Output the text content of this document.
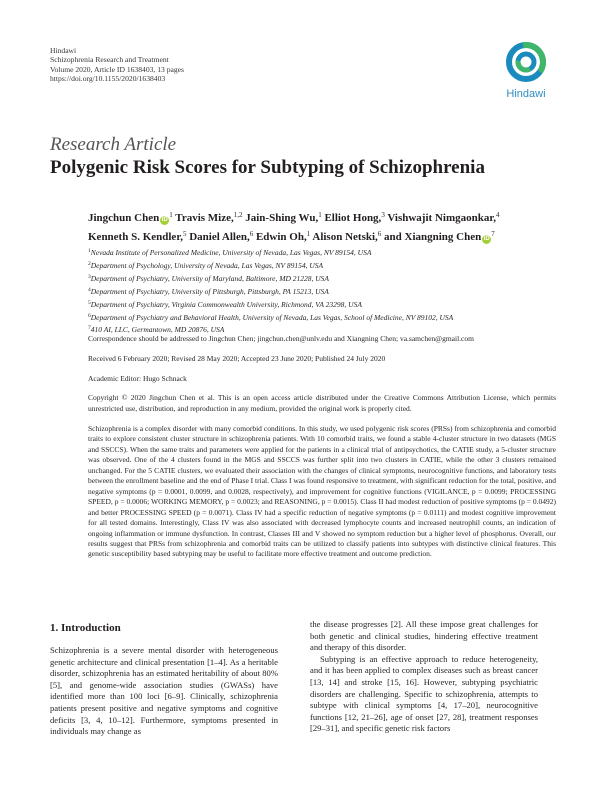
Hindawi
Schizophrenia Research and Treatment
Volume 2020, Article ID 1638403, 13 pages
https://doi.org/10.1155/2020/1638403
Hindawi
Research Article
Polygenic Risk Scores for Subtyping of Schizophrenia
Jingchun Chen $iD^1$ Travis Mize,$^{1,2}$ Jain-Shing Wu,$^1$ Elliot Hong,$^3$ Vishwajit Nimgaonkar,$^4$
Kenneth S. Kendler,$^5$ Daniel Allen,$^6$ Edwin Oh,$^1$ Alison Netski,$^6$ and Xiangning Chen $iD^7$
$^1$Nevada Institute of Personalized Medicine, University of Nevada, Las Vegas, NV 89154, USA
$^2$Department of Psychology, University of Nevada, Las Vegas, NV 89154, USA
$^3$Department of Psychiatry, University of Maryland, Baltimore, MD 21228, USA
$^4$Department of Psychiatry, University of Pittsburgh, Pittsburgh, PA 15213, USA
$^5$Department of Psychiatry, Virginia Commonwealth University, Richmond, VA 23298, USA
$^6$Department of Psychiatry and Behavioral Health, University of Nevada, Las Vegas, School of Medicine, NV 89102, USA
$^7$410 AI, LLC, Germantown, MD 20876, USA
Correspondence should be addressed to Jingchun Chen; jingchun.chen@unlv.edu and Xiangning Chen; va.samchen@gmail.com
Received 6 February 2020; Revised 28 May 2020; Accepted 23 June 2020; Published 24 July 2020
Academic Editor: Hugo Schnack
Copyright © 2020 Jingchun Chen et al. This is an open access article distributed under the Creative Commons Attribution License, which permits unrestricted use, distribution, and reproduction in any medium, provided the original work is properly cited.
Schizophrenia is a complex disorder with many comorbid conditions. In this study, we used polygenic risk scores (PRSs) from schizophrenia and comorbid traits to explore consistent cluster structure in schizophrenia patients. With 10 comorbid traits, we found a stable 4-cluster structure in two datasets (MGS and SSCCS). When the same traits and parameters were applied for the patients in a clinical trial of antipsychotics, the CATIE study, a 5-cluster structure was observed. One of the 4 clusters found in the MGS and SSCCS was further split into two clusters in CATIE, while the other 3 clusters remained unchanged. For the 5 CATIE clusters, we evaluated their association with the changes of clinical symptoms, neurocognitive functions, and laboratory tests between the enrollment baseline and the end of Phase I trial. Class I was found responsive to treatment, with significant reduction for the total, positive, and negative symptoms (p = 0.0001, 0.0099, and 0.0028, respectively), and improvement for cognitive functions (VIGILANCE, p = 0.0099; PROCESSING SPEED, p = 0.0006; WORKING MEMORY, p = 0.0023; and REASONING, p = 0.0015). Class II had modest reduction of positive symptoms (p = 0.0492) and better PROCESSING SPEED (p = 0.0071). Class IV had a specific reduction of negative symptoms (p = 0.0111) and modest cognitive improvement for all tested domains. Interestingly, Class IV was also associated with decreased lymphocyte counts and increased neutrophil counts, an indication of ongoing inflammation or immune dysfunction. In contrast, Classes III and V showed no symptom reduction but a higher level of phosphorus. Overall, our results suggest that PRSs from schizophrenia and comorbid traits can be utilized to classify patients into subtypes with distinctive clinical features. This genetic susceptibility based subtyping may be useful to facilitate more effective treatment and outcome prediction.
1. Introduction

Schizophrenia is a severe mental disorder with heterogeneous genetic architecture and clinical presentation [1–4]. As a heritable disorder, schizophrenia has an estimated heritability of about 80% [5], and genome-wide association studies (GWASs) have identified more than 100 loci [6–9]. Clinically, schizophrenia patients present positive and negative symptoms and cognitive deficits [3, 4, 10–12]. Furthermore, symptoms presented in individuals may change as

the disease progresses [2]. All these impose great challenges for both genetic and clinical studies, hindering effective treatment and therapy of this disorder.

Subtyping is an effective approach to reduce heterogeneity, and it has been applied to complex diseases such as breast cancer [13, 14] and stroke [15, 16]. However, subtyping psychiatric disorders are challenging. Specific to schizophrenia, attempts to subtype with clinical symptoms [4, 17–20], neurocognitive functions [12, 21–26], age of onset [27, 28], treatment responses [29–31], and specific genetic risk factors
